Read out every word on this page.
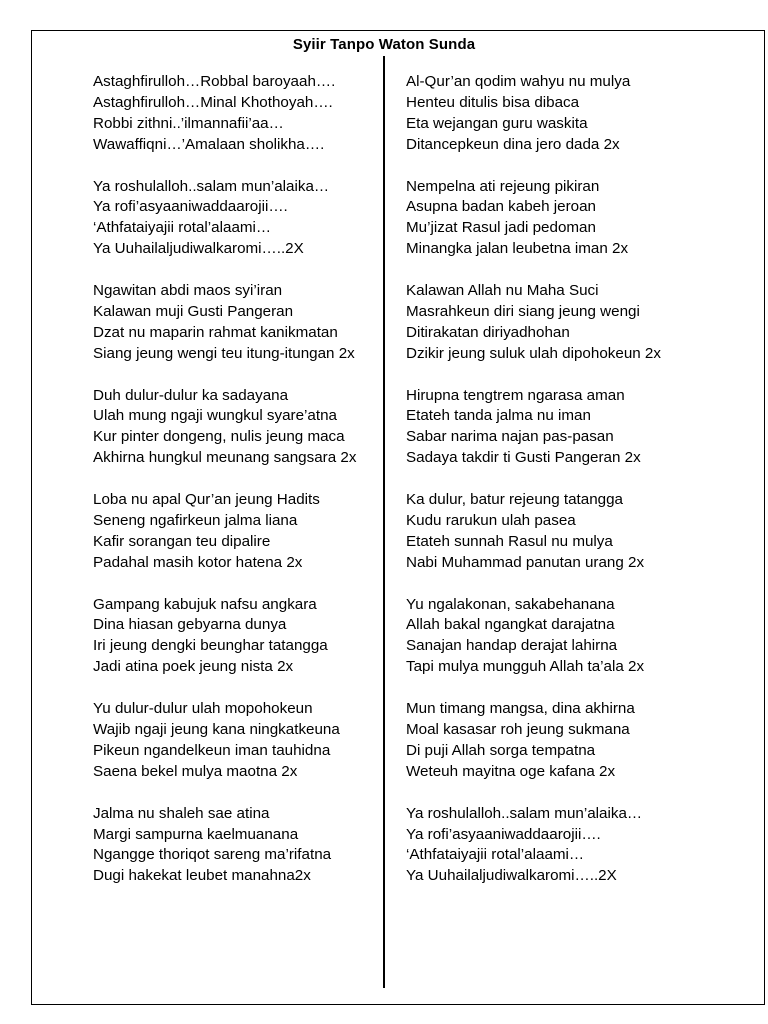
Syiir Tanpo Waton Sunda
Astaghfirulloh…Robbal baroyaah….
Astaghfirulloh…Minal Khothoyah….
Robbi zithni..’ilmannafii’aa…
Wawaffiqni…’Amalaan sholikha….
Ya roshulalloh..salam mun’alaika…
Ya rofi’asyaaniwaddaarojii….
‘Athfataiyajii rotal’alaami…
Ya Uuhailaljudiwalkaromi…..2X
Ngawitan abdi maos syi’iran
Kalawan muji Gusti Pangeran
Dzat nu maparin rahmat kanikmatan
Siang jeung wengi teu itung-itungan 2x
Duh dulur-dulur ka sadayana
Ulah mung ngaji wungkul syare’atna
Kur pinter dongeng, nulis jeung maca
Akhirna hungkul meunang sangsara 2x
Loba nu apal Qur’an jeung Hadits
Seneng ngafirkeun jalma liana
Kafir sorangan teu dipalire
Padahal masih kotor hatena 2x
Gampang kabujuk nafsu angkara
Dina hiasan gebyarna dunya
Iri jeung dengki beunghar tatangga
Jadi atina poek jeung nista 2x
Yu dulur-dulur ulah mopohokeun
Wajib ngaji jeung kana ningkatkeuna
Pikeun ngandelkeun iman tauhidna
Saena bekel mulya maotna 2x
Jalma nu shaleh sae atina
Margi sampurna kaelmuanana
Ngangge thoriqot sareng ma’rifatna
Dugi hakekat leubet manahna2x
Al-Qur’an qodim wahyu nu mulya
Henteu ditulis bisa dibaca
Eta wejangan guru waskita
Ditancepkeun dina jero dada 2x
Nempelna ati rejeung pikiran
Asupna badan kabeh jeroan
Mu’jizat Rasul jadi pedoman
Minangka jalan leubetna iman 2x
Kalawan Allah nu Maha Suci
Masrahkeun diri siang jeung wengi
Ditirakatan diriyadhohan
Dzikir jeung suluk ulah dipohokeun 2x
Hirupna tengtrem ngarasa aman
Etateh tanda jalma nu iman
Sabar narima najan pas-pasan
Sadaya takdir ti Gusti Pangeran 2x
Ka dulur, batur rejeung tatangga
Kudu rarukun ulah pasea
Etateh sunnah Rasul nu mulya
Nabi Muhammad panutan urang 2x
Yu ngalakonan, sakabehanana
Allah bakal ngangkat darajatna
Sanajan handap derajat lahirna
Tapi mulya mungguh Allah ta’ala 2x
Mun timang mangsa, dina akhirna
Moal kasasar roh jeung sukmana
Di puji Allah sorga tempatna
Weteuh mayitna oge kafana 2x
Ya roshulalloh..salam mun’alaika…
Ya rofi’asyaaniwaddaarojii….
‘Athfataiyajii rotal’alaami…
Ya Uuhailaljudiwalkaromi…..2X
